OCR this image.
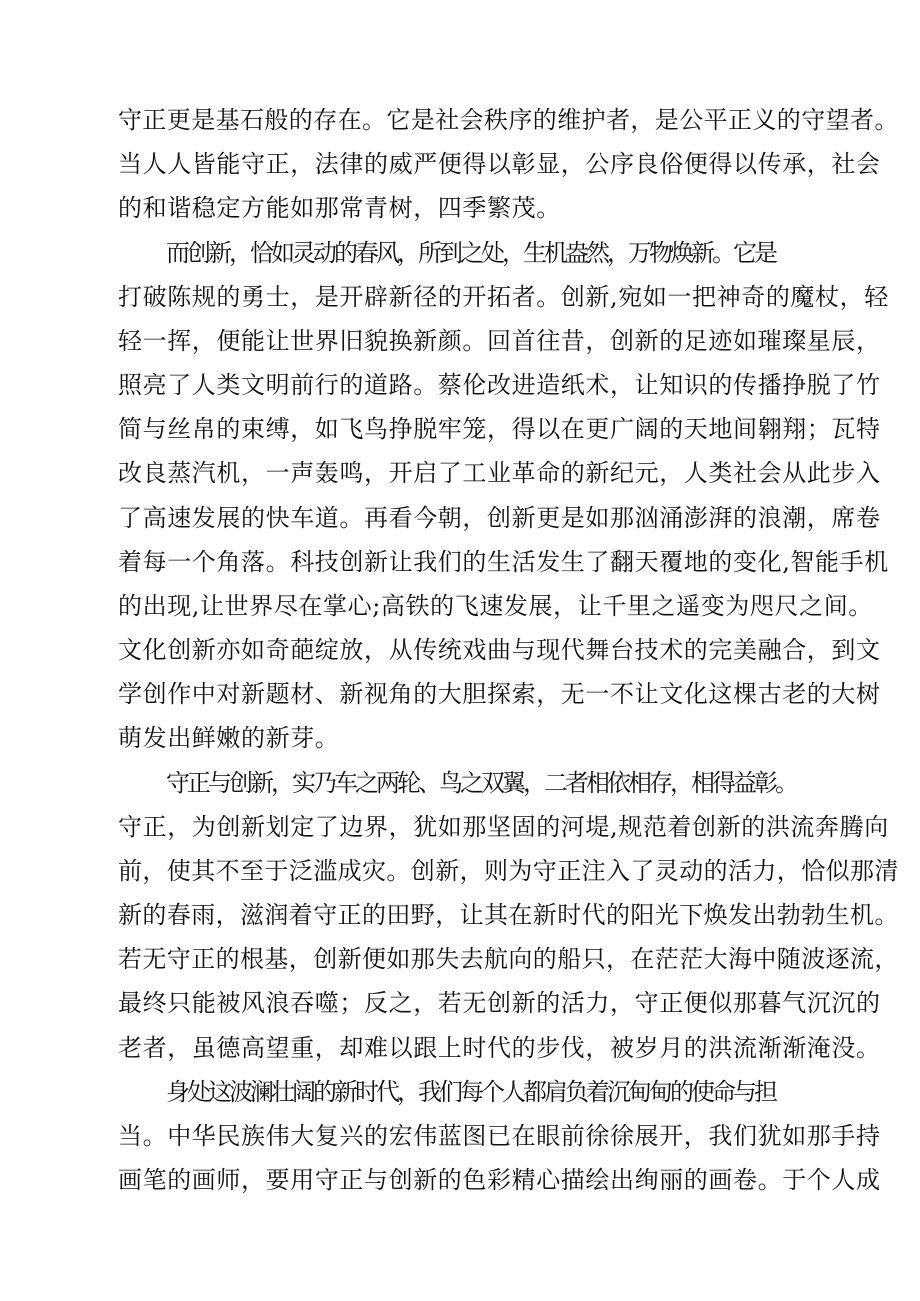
守正更是基石般的存在。它是社会秩序的维护者，是公平正义的守望者。
当人人皆能守正，法律的威严便得以彰显，公序良俗便得以传承，社会
的和谐稳定方能如那常青树，四季繁茂。
而创新，恰如灵动的春风，所到之处，生机盎然，万物焕新。它是
打破陈规的勇士，是开辟新径的开拓者。创新,宛如一把神奇的魔杖，轻
轻一挥，便能让世界旧貌换新颜。回首往昔，创新的足迹如璀璨星辰，
照亮了人类文明前行的道路。蔡伦改进造纸术，让知识的传播挣脱了竹
简与丝帛的束缚，如飞鸟挣脱牢笼，得以在更广阔的天地间翱翔；瓦特
改良蒸汽机，一声轰鸣，开启了工业革命的新纪元，人类社会从此步入
了高速发展的快车道。再看今朝，创新更是如那汹涌澎湃的浪潮，席卷
着每一个角落。科技创新让我们的生活发生了翻天覆地的变化,智能手机
的出现,让世界尽在掌心;高铁的飞速发展，让千里之遥变为咫尺之间。
文化创新亦如奇葩绽放，从传统戏曲与现代舞台技术的完美融合，到文
学创作中对新题材、新视角的大胆探索，无一不让文化这棵古老的大树
萌发出鲜嫩的新芽。
守正与创新，实乃车之两轮、鸟之双翼，二者相依相存，相得益彰。
守正，为创新划定了边界，犹如那坚固的河堤,规范着创新的洪流奔腾向
前，使其不至于泛滥成灾。创新，则为守正注入了灵动的活力，恰似那清
新的春雨，滋润着守正的田野，让其在新时代的阳光下焕发出勃勃生机。
若无守正的根基，创新便如那失去航向的船只，在茫茫大海中随波逐流，
最终只能被风浪吞噬；反之，若无创新的活力，守正便似那暮气沉沉的
老者，虽德高望重，却难以跟上时代的步伐，被岁月的洪流渐渐淹没。
身处这波澜壮阔的新时代，我们每个人都肩负着沉甸甸的使命与担
当。中华民族伟大复兴的宏伟蓝图已在眼前徐徐展开，我们犹如那手持
画笔的画师，要用守正与创新的色彩精心描绘出绚丽的画卷。于个人成
